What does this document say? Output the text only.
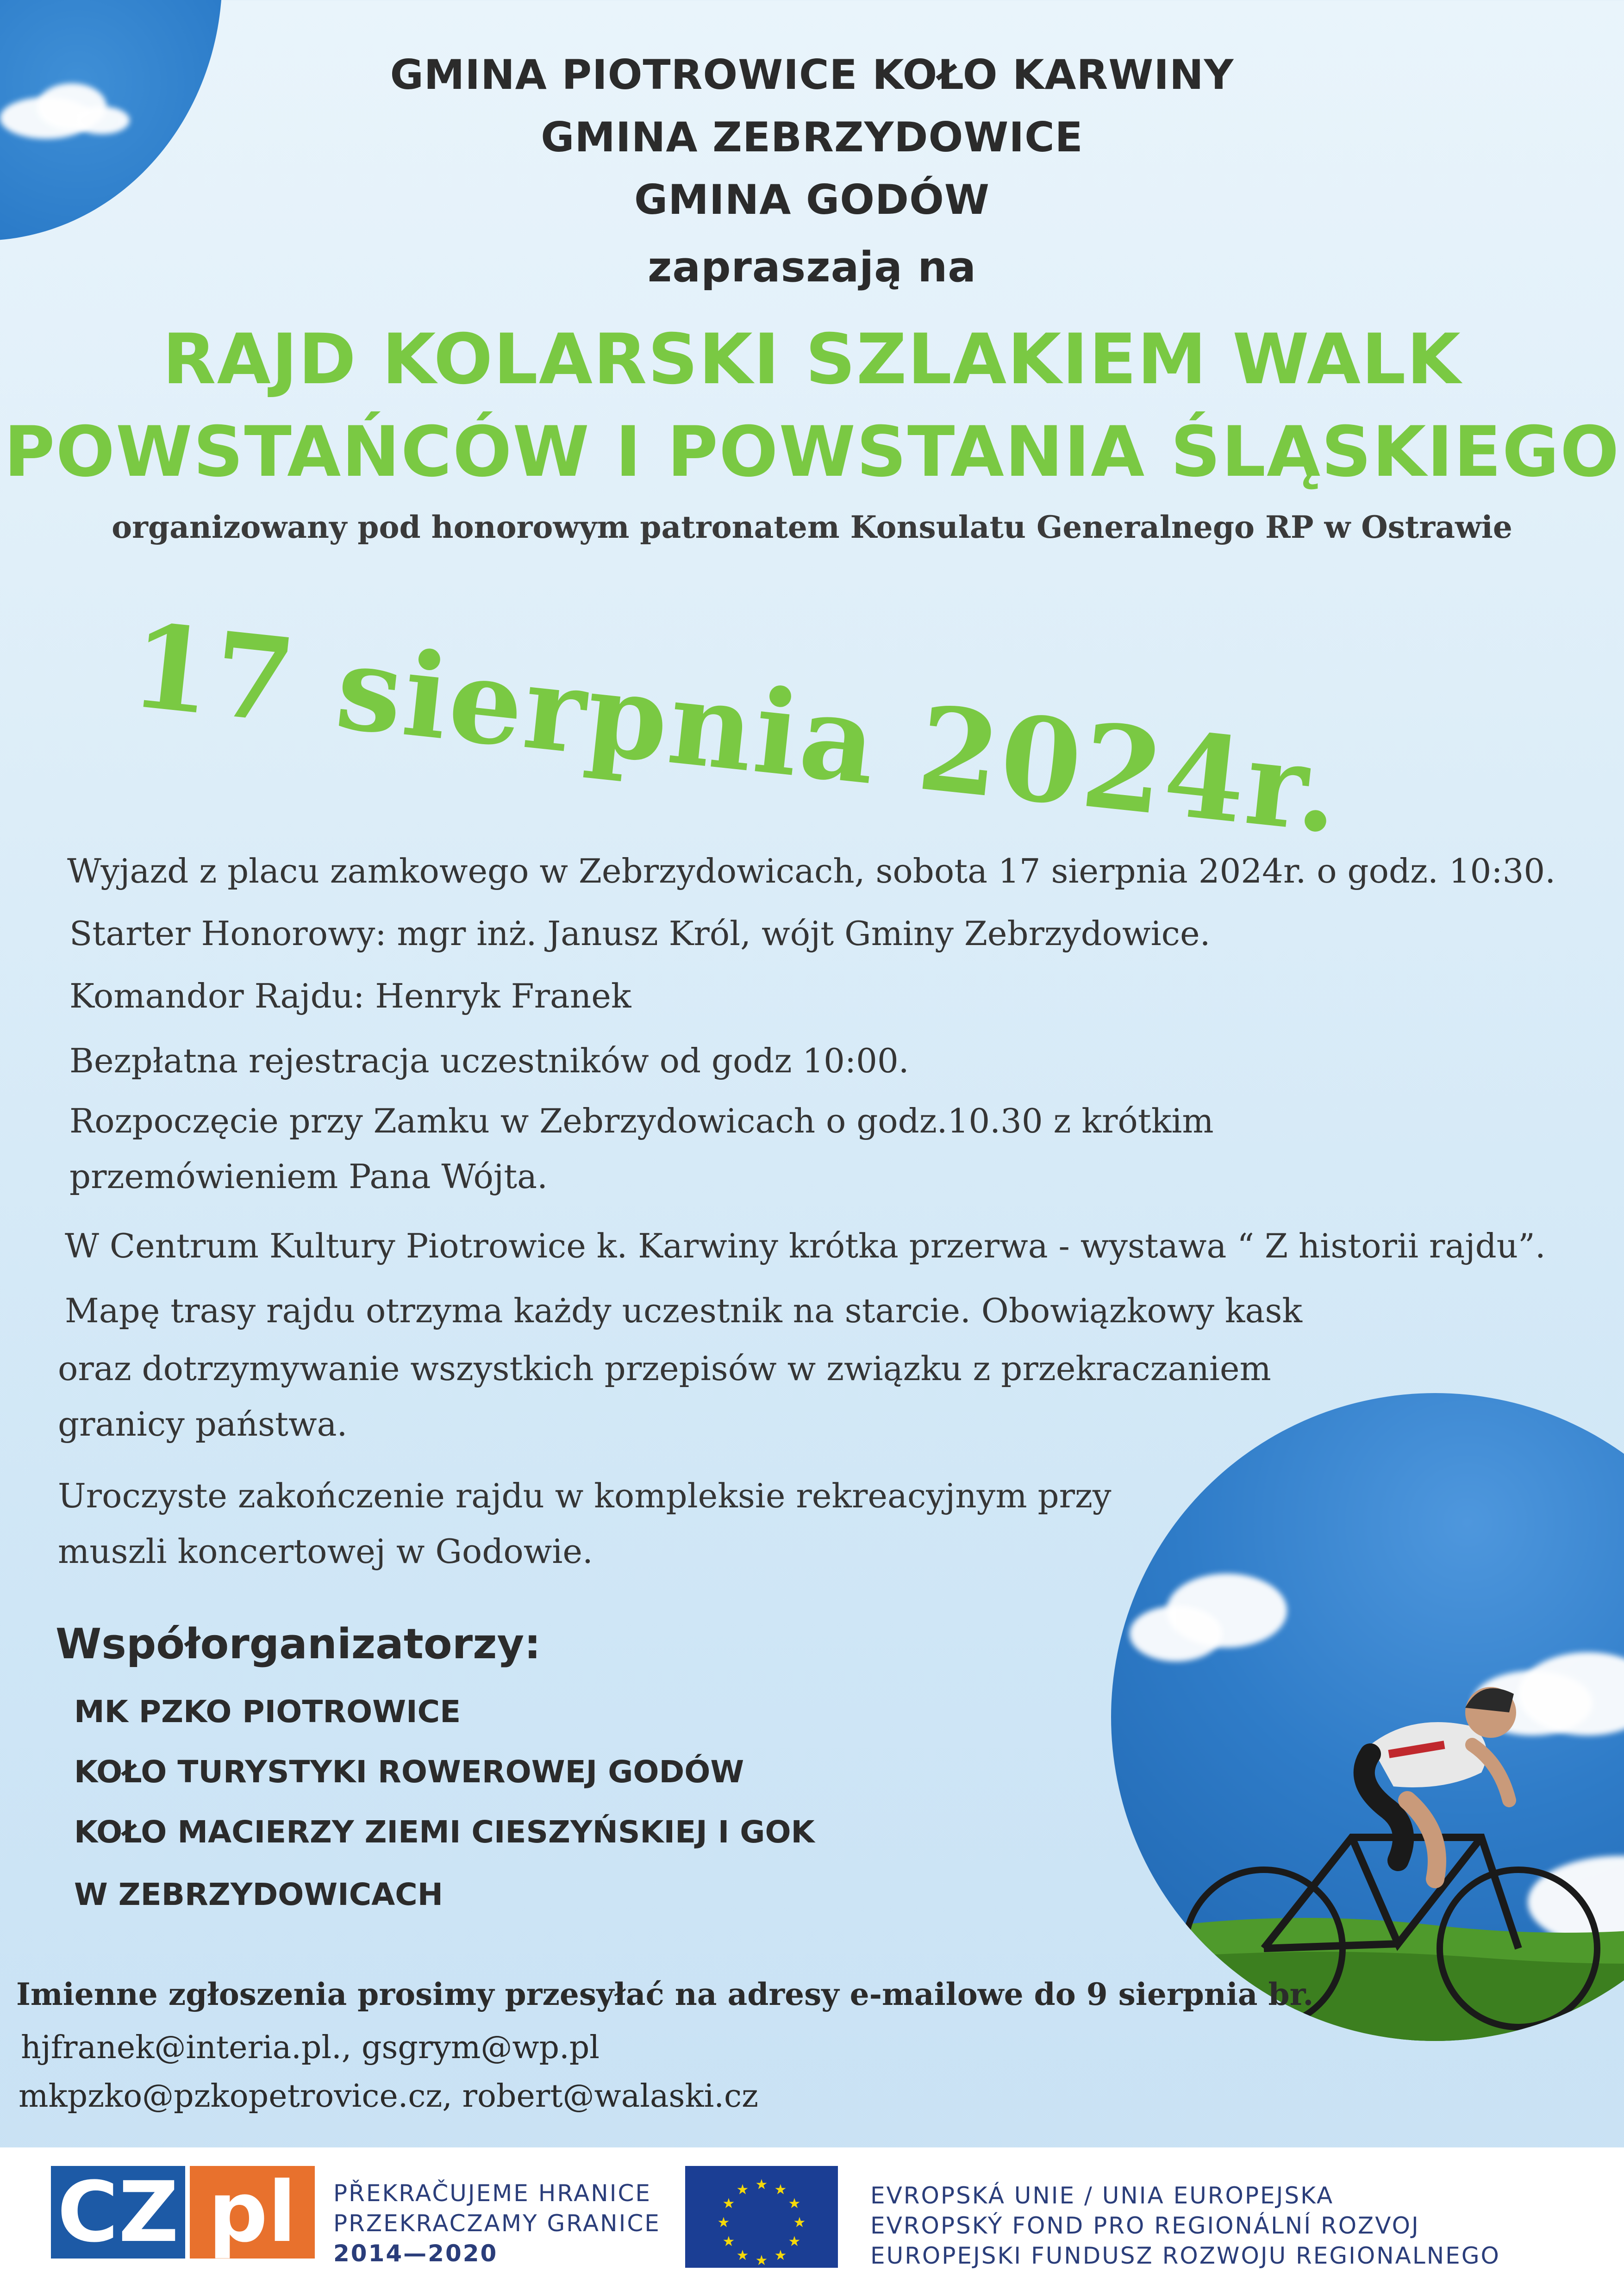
GMINA PIOTROWICE KOŁO KARWINY
GMINA ZEBRZYDOWICE
GMINA GODÓW
zapraszają na
RAJD KOLARSKI SZLAKIEM WALK
POWSTAŃCÓW I POWSTANIA ŚLĄSKIEGO
organizowany pod honorowym patronatem Konsulatu Generalnego RP w Ostrawie
17 sierpnia 2024r.
Wyjazd z placu zamkowego w Zebrzydowicach, sobota 17 sierpnia 2024r. o godz. 10:30.
Starter Honorowy: mgr inż. Janusz Król, wójt Gminy Zebrzydowice.
Komandor Rajdu: Henryk Franek
Bezpłatna rejestracja uczestników od godz 10:00.
Rozpoczęcie przy Zamku w Zebrzydowicach o godz.10.30 z krótkim
przemówieniem Pana Wójta.
W Centrum Kultury Piotrowice k. Karwiny krótka przerwa - wystawa “ Z historii rajdu”.
Mapę trasy rajdu otrzyma każdy uczestnik na starcie. Obowiązkowy kask
oraz dotrzymywanie wszystkich przepisów w związku z przekraczaniem
granicy państwa.
Uroczyste zakończenie rajdu w kompleksie rekreacyjnym przy
muszli koncertowej w Godowie.
Współorganizatorzy:
MK PZKO PIOTROWICE
KOŁO TURYSTYKI ROWEROWEJ GODÓW
KOŁO MACIERZY ZIEMI CIESZYŃSKIEJ I GOK
W ZEBRZYDOWICACH
Imienne zgłoszenia prosimy przesyłać na adresy e-mailowe do 9 sierpnia br.
hjfranek@interia.pl., gsgrym@wp.pl
mkpzko@pzkopetrovice.cz, robert@walaski.cz
CZ pl PŘEKRAČUJEME HRANICE
PRZEKRACZAMY GRANICE
2014—2020
★ ★
★
★
★
★
★
★
★
★
★
★	EVROPSKÁ UNIE / UNIA EUROPEJSKA
EVROPSKÝ FOND PRO REGIONÁLNÍ ROZVOJ
EUROPEJSKI FUNDUSZ ROZWOJU REGIONALNEGO
